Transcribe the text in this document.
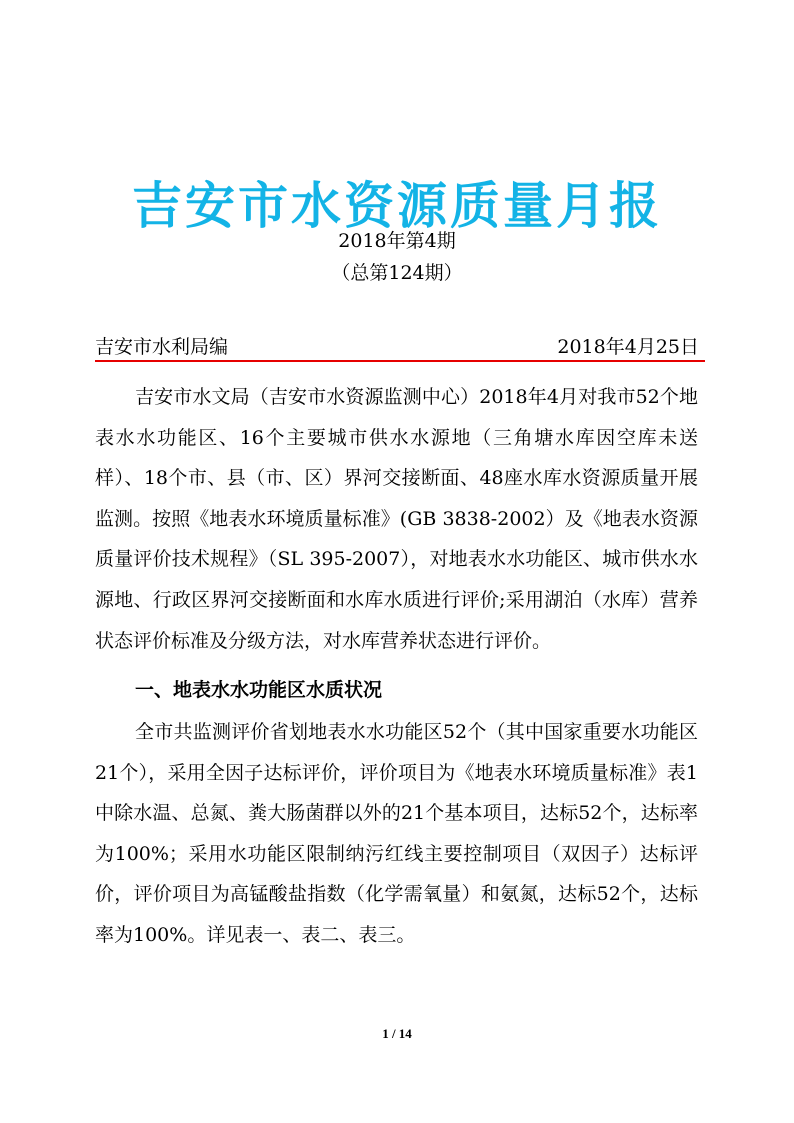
吉安市水资源质量月报
2018年第4期
（总第124期）
吉安市水利局编	2018年4月25日

吉安市水文局（吉安市水资源监测中心）2018年4月对我市52个地表水水功能区、16个主要城市供水水源地（三角塘水库因空库未送样）、18个市、县（市、区）界河交接断面、48座水库水资源质量开展监测。按照《地表水环境质量标准》(GB 3838-2002）及《地表水资源质量评价技术规程》（SL 395-2007），对地表水水功能区、城市供水水源地、行政区界河交接断面和水库水质进行评价;采用湖泊（水库）营养状态评价标准及分级方法，对水库营养状态进行评价。

一、地表水水功能区水质状况

全市共监测评价省划地表水水功能区52个（其中国家重要水功能区21个），采用全因子达标评价，评价项目为《地表水环境质量标准》表1中除水温、总氮、粪大肠菌群以外的21个基本项目，达标52个，达标率为100%；采用水功能区限制纳污红线主要控制项目（双因子）达标评价，评价项目为高锰酸盐指数（化学需氧量）和氨氮，达标52个，达标率为100%。详见表一、表二、表三。

1 / 14
